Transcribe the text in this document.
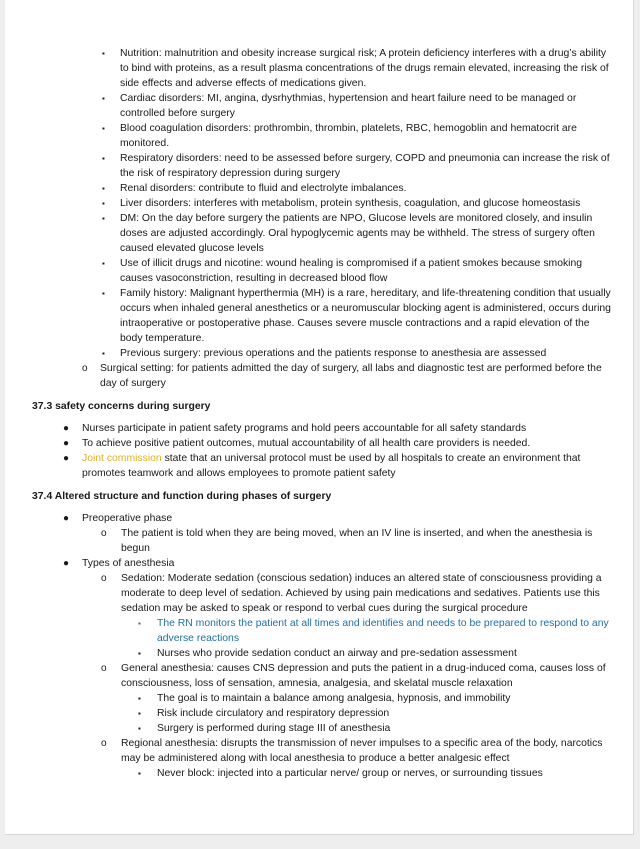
▪ Nutrition: malnutrition and obesity increase surgical risk; A protein deficiency interferes with a drug’s ability to bind with proteins, as a result plasma concentrations of the drugs remain elevated, increasing the risk of side effects and adverse effects of medications given.
▪ Cardiac disorders: MI, angina, dysrhythmias, hypertension and heart failure need to be managed or controlled before surgery
▪ Blood coagulation disorders: prothrombin, thrombin, platelets, RBC, hemogoblin and hematocrit are monitored.
▪ Respiratory disorders: need to be assessed before surgery, COPD and pneumonia can increase the risk of the risk of respiratory depression during surgery
▪ Renal disorders: contribute to fluid and electrolyte imbalances.
▪ Liver disorders: interferes with metabolism, protein synthesis, coagulation, and glucose homeostasis
▪ DM: On the day before surgery the patients are NPO, Glucose levels are monitored closely, and insulin doses are adjusted accordingly. Oral hypoglycemic agents may be withheld. The stress of surgery often caused elevated glucose levels
▪ Use of illicit drugs and nicotine: wound healing is compromised if a patient smokes because smoking causes vasoconstriction, resulting in decreased blood flow
▪ Family history: Malignant hyperthermia (MH) is a rare, hereditary, and life-threatening condition that usually occurs when inhaled general anesthetics or a neuromuscular blocking agent is administered, occurs during intraoperative or postoperative phase. Causes severe muscle contractions and a rapid elevation of the body temperature.
▪ Previous surgery: previous operations and the patients response to anesthesia are assessed
o Surgical setting: for patients admitted the day of surgery, all labs and diagnostic test are performed before the day of surgery
37.3 safety concerns during surgery
● Nurses participate in patient safety programs and hold peers accountable for all safety standards
● To achieve positive patient outcomes, mutual accountability of all health care providers is needed.
● Joint commission state that an universal protocol must be used by all hospitals to create an environment that promotes teamwork and allows employees to promote patient safety
37.4 Altered structure and function during phases of surgery
● Preoperative phase
o The patient is told when they are being moved, when an IV line is inserted, and when the anesthesia is begun
● Types of anesthesia
o Sedation: Moderate sedation (conscious sedation) induces an altered state of consciousness providing a moderate to deep level of sedation. Achieved by using pain medications and sedatives. Patients use this sedation may be asked to speak or respond to verbal cues during the surgical procedure
▪ The RN monitors the patient at all times and identifies and needs to be prepared to respond to any adverse reactions
▪ Nurses who provide sedation conduct an airway and pre-sedation assessment
o General anesthesia: causes CNS depression and puts the patient in a drug-induced coma, causes loss of consciousness, loss of sensation, amnesia, analgesia, and skelatal muscle relaxation
▪ The goal is to maintain a balance among analgesia, hypnosis, and immobility
▪ Risk include circulatory and respiratory depression
▪ Surgery is performed during stage III of anesthesia
o Regional anesthesia: disrupts the transmission of never impulses to a specific area of the body, narcotics may be administered along with local anesthesia to produce a better analgesic effect
▪ Never block: injected into a particular nerve/ group or nerves, or surrounding tissues
